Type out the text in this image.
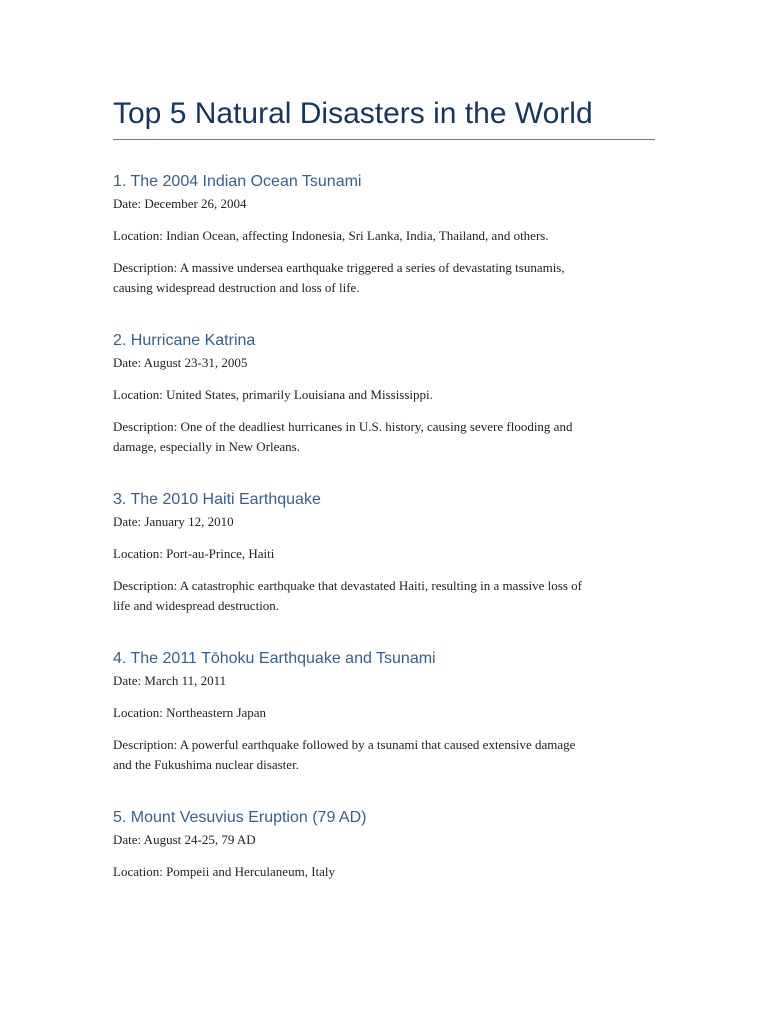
Top 5 Natural Disasters in the World
1. The 2004 Indian Ocean Tsunami

Date: December 26, 2004

Location: Indian Ocean, affecting Indonesia, Sri Lanka, India, Thailand, and others.

Description: A massive undersea earthquake triggered a series of devastating tsunamis,
causing widespread destruction and loss of life.

2. Hurricane Katrina

Date: August 23-31, 2005

Location: United States, primarily Louisiana and Mississippi.

Description: One of the deadliest hurricanes in U.S. history, causing severe flooding and
damage, especially in New Orleans.

3. The 2010 Haiti Earthquake

Date: January 12, 2010

Location: Port-au-Prince, Haiti

Description: A catastrophic earthquake that devastated Haiti, resulting in a massive loss of
life and widespread destruction.

4. The 2011 Tōhoku Earthquake and Tsunami

Date: March 11, 2011

Location: Northeastern Japan

Description: A powerful earthquake followed by a tsunami that caused extensive damage
and the Fukushima nuclear disaster.

5. Mount Vesuvius Eruption (79 AD)

Date: August 24-25, 79 AD

Location: Pompeii and Herculaneum, Italy
